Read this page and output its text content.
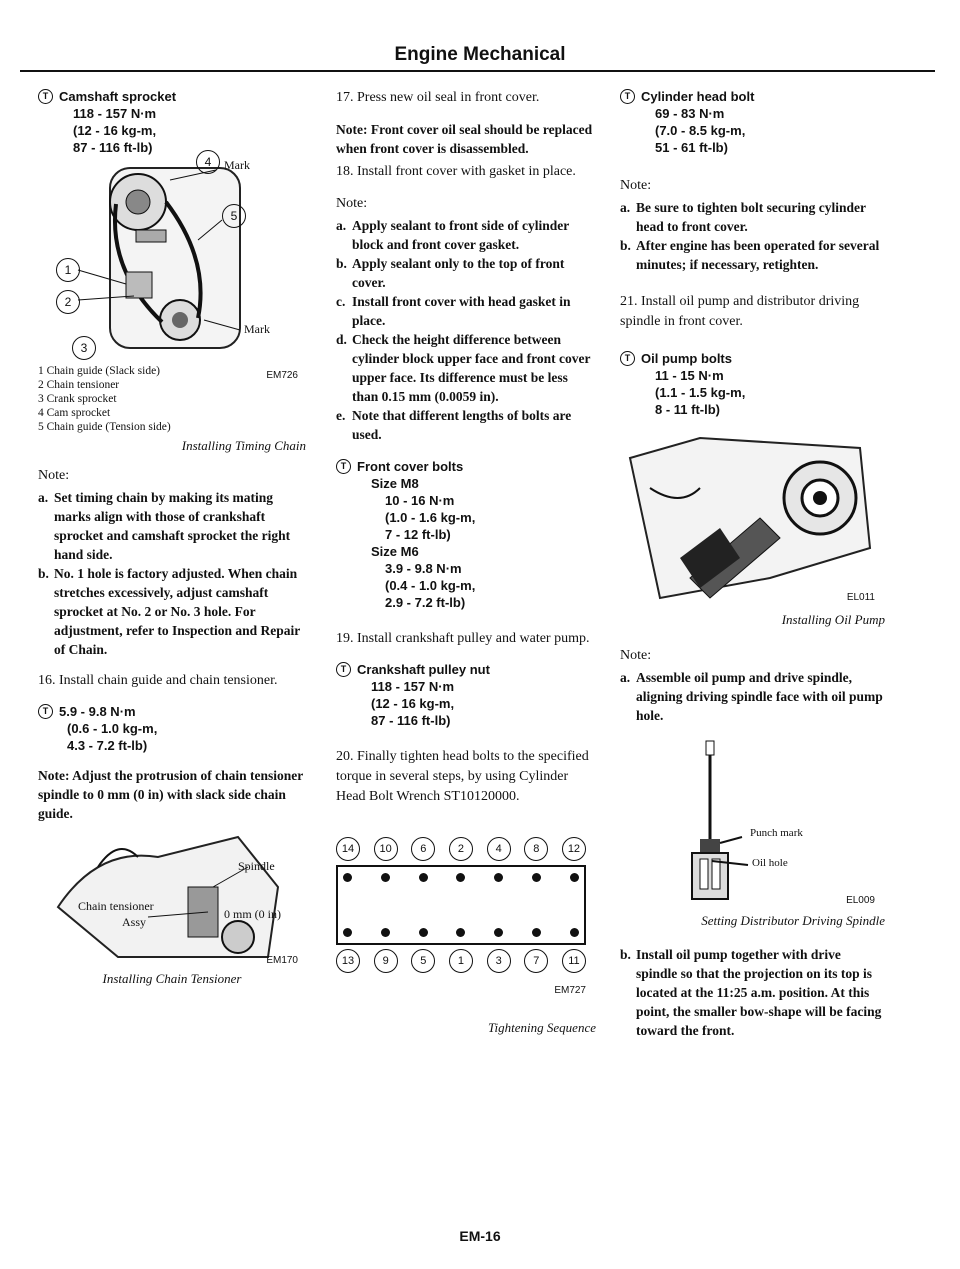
Engine Mechanical
T Camshaft sprocket
118 - 157 N·m
(12 - 16 kg-m,
87 - 116 ft-lb)
Mark
Mark
4
5
1
2
3
1 Chain guide (Slack side)
2 Chain tensioner
3 Crank sprocket
4 Cam sprocket
5 Chain guide (Tension side)
EM726

Installing Timing Chain

Note:

a. Set timing chain by making its mating marks align with those of crankshaft sprocket and camshaft sprocket the right hand side.

b. No. 1 hole is factory adjusted. When chain stretches excessively, adjust camshaft sprocket at No. 2 or No. 3 hole. For adjustment, refer to Inspection and Repair of Chain.

16. Install chain guide and chain tensioner.

T 5.9 - 9.8 N·m
(0.6 - 1.0 kg-m,
4.3 - 7.2 ft-lb)

Note: Adjust the protrusion of chain tensioner spindle to 0 mm (0 in) with slack side chain guide.

Spindle
Chain tensioner
Assy
0 mm (0 in)
EM170

Installing Chain Tensioner

17. Press new oil seal in front cover.

Note: Front cover oil seal should be replaced when front cover is disassembled.

18. Install front cover with gasket in place.

Note:

a. Apply sealant to front side of cylinder block and front cover gasket.

b. Apply sealant only to the top of front cover.

c. Install front cover with head gasket in place.

d. Check the height difference between cylinder block upper face and front cover upper face. Its difference must be less than 0.15 mm (0.0059 in).

e. Note that different lengths of bolts are used.

T Front cover bolts
Size M8
10 - 16 N·m
(1.0 - 1.6 kg-m,
7 - 12 ft-lb)
Size M6
3.9 - 9.8 N·m
(0.4 - 1.0 kg-m,
2.9 - 7.2 ft-lb)

19. Install crankshaft pulley and water pump.

T Crankshaft pulley nut
118 - 157 N·m
(12 - 16 kg-m,
87 - 116 ft-lb)

20. Finally tighten head bolts to the specified torque in several steps, by using Cylinder Head Bolt Wrench ST10120000.

14	10	6	2	4	8	12
13	9	5	1	3	7	11
EM727

Tightening Sequence

T Cylinder head bolt
69 - 83 N·m
(7.0 - 8.5 kg-m,
51 - 61 ft-lb)

Note:

a. Be sure to tighten bolt securing cylinder head to front cover.

b. After engine has been operated for several minutes; if necessary, retighten.

21. Install oil pump and distributor driving spindle in front cover.

T Oil pump bolts
11 - 15 N·m
(1.1 - 1.5 kg-m,
8 - 11 ft-lb)
EL011

Installing Oil Pump

Note:

a. Assemble oil pump and drive spindle, aligning driving spindle face with oil pump hole.

Punch mark
Oil hole
EL009

Setting Distributor Driving Spindle

b. Install oil pump together with drive spindle so that the projection on its top is located at the 11:25 a.m. position. At this point, the smaller bow-shape will be facing toward the front.

EM-16
